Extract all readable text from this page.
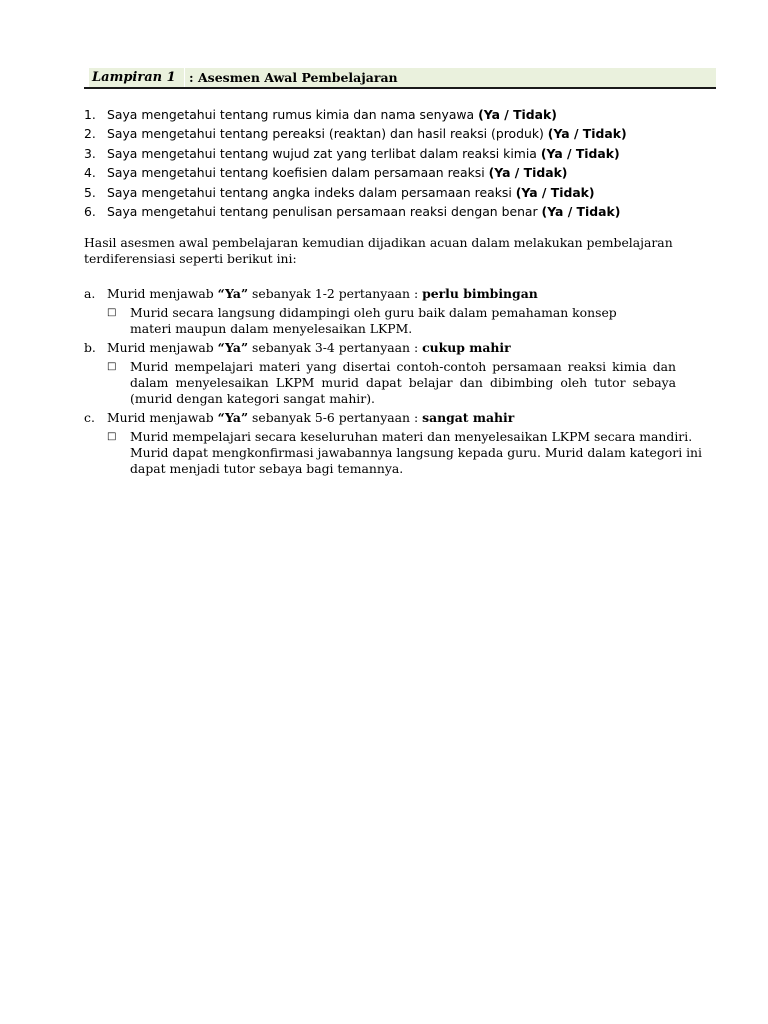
Lampiran 1 : Asesmen Awal Pembelajaran
1. Saya mengetahui tentang rumus kimia dan nama senyawa (Ya / Tidak)
2. Saya mengetahui tentang pereaksi (reaktan) dan hasil reaksi (produk) (Ya / Tidak)
3. Saya mengetahui tentang wujud zat yang terlibat dalam reaksi kimia (Ya / Tidak)
4. Saya mengetahui tentang koefisien dalam persamaan reaksi (Ya / Tidak)
5. Saya mengetahui tentang angka indeks dalam persamaan reaksi (Ya / Tidak)
6. Saya mengetahui tentang penulisan persamaan reaksi dengan benar (Ya / Tidak)
Hasil asesmen awal pembelajaran kemudian dijadikan acuan dalam melakukan pembelajaran terdiferensiasi seperti berikut ini:
a. Murid menjawab “Ya” sebanyak 1-2 pertanyaan : perlu bimbingan
□ Murid secara langsung didampingi oleh guru baik dalam pemahaman konsep materi maupun dalam menyelesaikan LKPM.
b. Murid menjawab “Ya” sebanyak 3-4 pertanyaan : cukup mahir
□ Murid mempelajari materi yang disertai contoh-contoh persamaan reaksi kimia dan dalam menyelesaikan LKPM murid dapat belajar dan dibimbing oleh tutor sebaya (murid dengan kategori sangat mahir).
c. Murid menjawab “Ya” sebanyak 5-6 pertanyaan : sangat mahir
□ Murid mempelajari secara keseluruhan materi dan menyelesaikan LKPM secara mandiri. Murid dapat mengkonfirmasi jawabannya langsung kepada guru. Murid dalam kategori ini dapat menjadi tutor sebaya bagi temannya.
